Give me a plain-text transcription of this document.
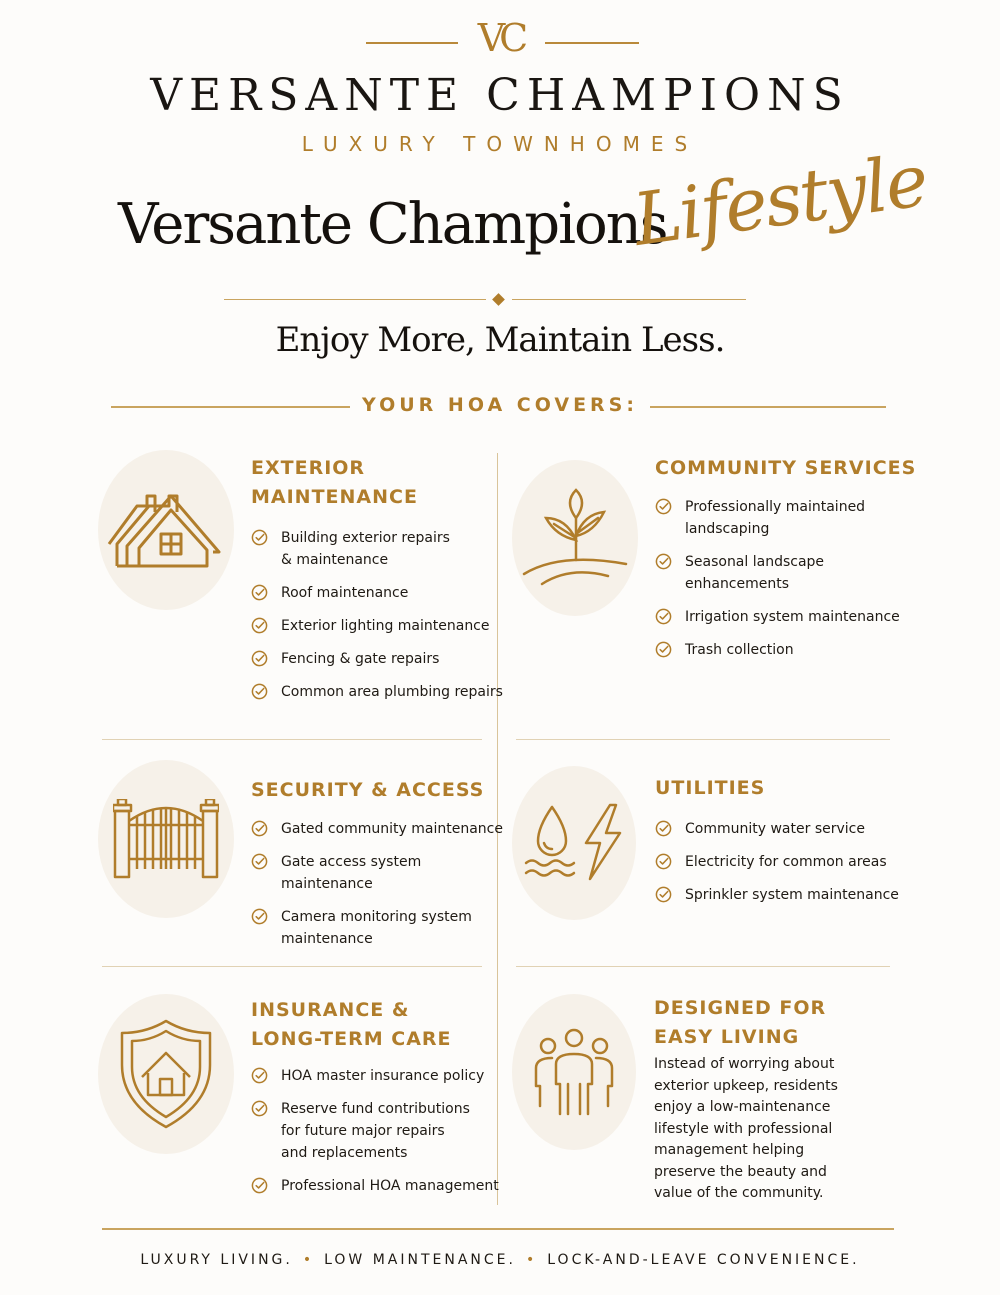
VC
VERSANTE CHAMPIONS
LUXURY TOWNHOMES
Versante Champions
Lifestyle
Enjoy More, Maintain Less.
YOUR HOA COVERS:
EXTERIOR
MAINTENANCE
Building exterior repairs
& maintenance
Roof maintenance
Exterior lighting maintenance
Fencing & gate repairs
Common area plumbing repairs
COMMUNITY SERVICES
Professionally maintained
landscaping
Seasonal landscape
enhancements
Irrigation system maintenance
Trash collection
SECURITY & ACCESS
Gated community maintenance
Gate access system
maintenance
Camera monitoring system
maintenance
UTILITIES
Community water service
Electricity for common areas
Sprinkler system maintenance
INSURANCE &
LONG-TERM CARE
HOA master insurance policy
Reserve fund contributions
for future major repairs
and replacements
Professional HOA management
DESIGNED FOR
EASY LIVING
Instead of worrying about
exterior upkeep, residents
enjoy a low-maintenance
lifestyle with professional
management helping
preserve the beauty and
value of the community.
LUXURY LIVING. • LOW MAINTENANCE. • LOCK-AND-LEAVE CONVENIENCE.
